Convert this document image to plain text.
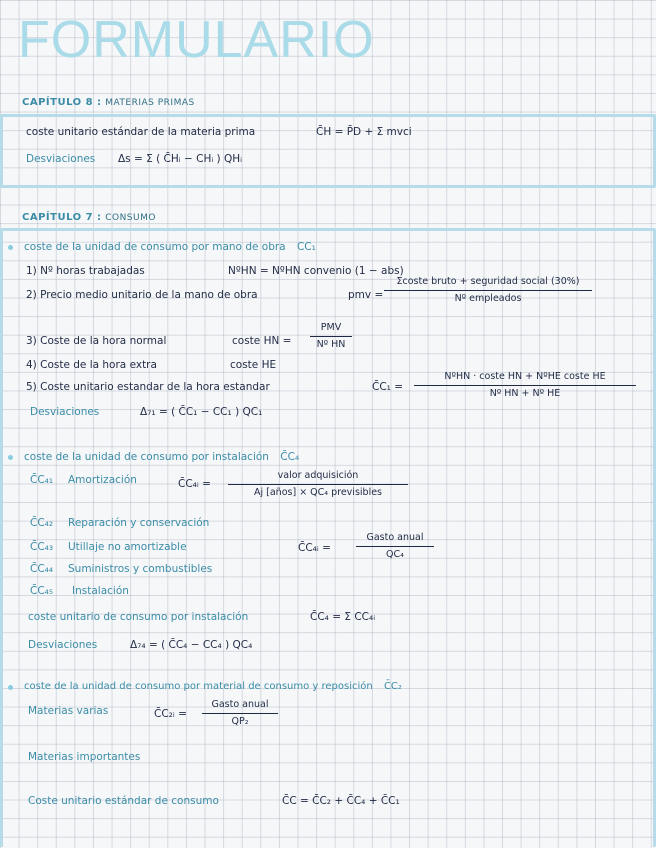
FORMULARIO
CAPÍTULO 8 : MATERIAS PRIMAS
coste unitario estándar de la materia prima	C̄H = P̄D + Σ mvci
Desviaciones Δs = Σ ( C̄Hᵢ − CHᵢ ) QHᵢ
CAPÍTULO 7 : CONSUMO
coste de la unidad de consumo por mano de obra CC₁
1) Nº horas trabajadas	NºHN = NºHN convenio (1 − abs)
2) Precio medio unitario de la mano de obra	pmv =
Σcoste bruto + seguridad social (30%)
Nº empleados
3) Coste de la hora normal	coste HN =
PMV
Nº HN
4) Coste de la hora extra	coste HE
5) Coste unitario estandar de la hora estandar	C̄C₁ =
NºHN · coste HN + NºHE coste HE
Nº HN + Nº HE
Desviaciones	Δ₇₁ = ( C̄C₁ − CC₁ ) QC₁
coste de la unidad de consumo por instalación C̄C₄
C̄C₄₁ Amortización	C̄C₄ᵢ =
valor adquisición
Aj [años] × QC₄ previsibles
C̄C₄₂ Reparación y conservación
C̄C₄₃ Utillaje no amortizable
C̄C₄₄ Suministros y combustibles
C̄C₄₅ Instalación
C̄C₄ᵢ =
Gasto anual
QC₄
coste unitario de consumo por instalación	C̄C₄ = Σ CC₄ᵢ
Desviaciones	Δ₇₄ = ( C̄C₄ − CC₄ ) QC₄
coste de la unidad de consumo por material de consumo y reposición C̄C₂
Materias varias	C̄C₂ᵢ =
Gasto anual
QP₂
Materias importantes
Coste unitario estándar de consumo	C̄C = C̄C₂ + C̄C₄ + C̄C₁
